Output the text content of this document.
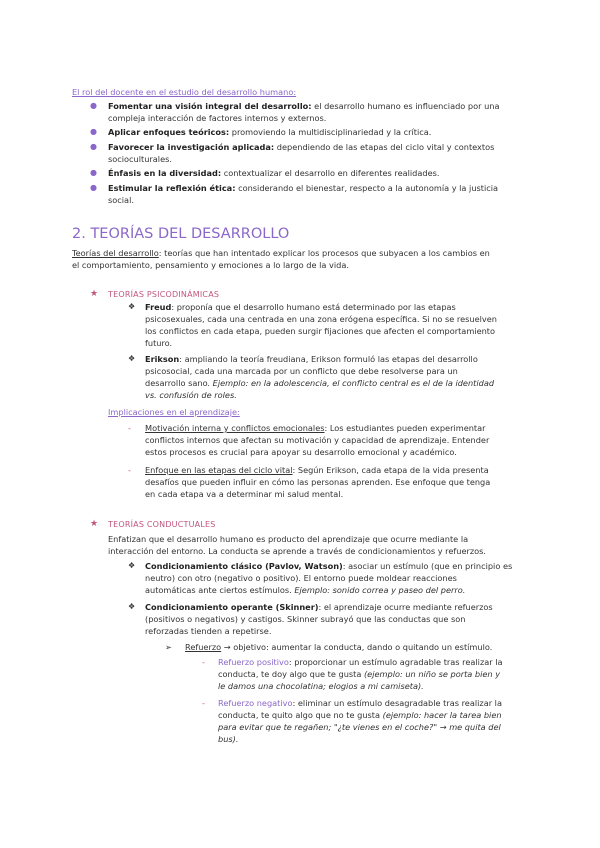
El rol del docente en el estudio del desarrollo humano:
● Fomentar una visión integral del desarrollo: el desarrollo humano es influenciado por una
compleja interacción de factores internos y externos.
● Aplicar enfoques teóricos: promoviendo la multidisciplinariedad y la crítica.
● Favorecer la investigación aplicada: dependiendo de las etapas del ciclo vital y contextos
socioculturales.
● Énfasis en la diversidad: contextualizar el desarrollo en diferentes realidades.
● Estimular la reflexión ética: considerando el bienestar, respecto a la autonomía y la justicia
social.
2. TEORÍAS DEL DESARROLLO
Teorías del desarrollo: teorías que han intentado explicar los procesos que subyacen a los cambios en
el comportamiento, pensamiento y emociones a lo largo de la vida.
★ TEORÍAS PSICODINÁMICAS
❖ Freud: proponía que el desarrollo humano está determinado por las etapas
psicosexuales, cada una centrada en una zona erógena específica. Si no se resuelven
los conflictos en cada etapa, pueden surgir fijaciones que afecten el comportamiento
futuro.
❖ Erikson: ampliando la teoría freudiana, Erikson formuló las etapas del desarrollo
psicosocial, cada una marcada por un conflicto que debe resolverse para un
desarrollo sano. Ejemplo: en la adolescencia, el conflicto central es el de la identidad
vs. confusión de roles.
Implicaciones en el aprendizaje:
- Motivación interna y conflictos emocionales: Los estudiantes pueden experimentar
conflictos internos que afectan su motivación y capacidad de aprendizaje. Entender
estos procesos es crucial para apoyar su desarrollo emocional y académico.
- Enfoque en las etapas del ciclo vital: Según Erikson, cada etapa de la vida presenta
desafíos que pueden influir en cómo las personas aprenden. Ese enfoque que tenga
en cada etapa va a determinar mi salud mental.
★ TEORÍAS CONDUCTUALES
Enfatizan que el desarrollo humano es producto del aprendizaje que ocurre mediante la
interacción del entorno. La conducta se aprende a través de condicionamientos y refuerzos.
❖ Condicionamiento clásico (Pavlov, Watson): asociar un estímulo (que en principio es
neutro) con otro (negativo o positivo). El entorno puede moldear reacciones
automáticas ante ciertos estímulos. Ejemplo: sonido correa y paseo del perro.
❖ Condicionamiento operante (Skinner): el aprendizaje ocurre mediante refuerzos
(positivos o negativos) y castigos. Skinner subrayó que las conductas que son
reforzadas tienden a repetirse.
➢ Refuerzo → objetivo: aumentar la conducta, dando o quitando un estímulo.
- Refuerzo positivo: proporcionar un estímulo agradable tras realizar la
conducta, te doy algo que te gusta (ejemplo: un niño se porta bien y
le damos una chocolatina; elogios a mi camiseta).
- Refuerzo negativo: eliminar un estímulo desagradable tras realizar la
conducta, te quito algo que no te gusta (ejemplo: hacer la tarea bien
para evitar que te regañen; "¿te vienes en el coche?" → me quita del
bus).
